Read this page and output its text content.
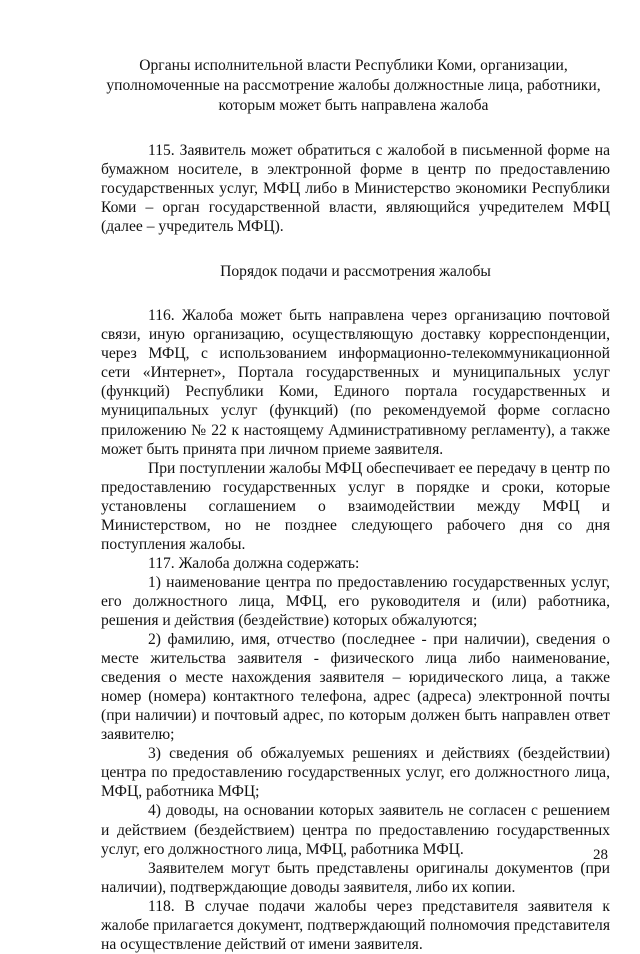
Органы исполнительной власти Республики Коми, организации,

уполномоченные на рассмотрение жалобы должностные лица, работники,

которым может быть направлена жалоба

115. Заявитель может обратиться с жалобой в письменной форме на бумажном носителе, в электронной форме в центр по предоставлению государственных услуг, МФЦ либо в Министерство экономики Республики Коми – орган государственной власти, являющийся учредителем МФЦ (далее – учредитель МФЦ).

Порядок подачи и рассмотрения жалобы

116. Жалоба может быть направлена через организацию почтовой связи, иную организацию, осуществляющую доставку корреспонденции, через МФЦ, с использованием информационно-телекоммуникационной сети «Интернет», Портала государственных и муниципальных услуг (функций) Республики Коми, Единого портала государственных и муниципальных услуг (функций) (по рекомендуемой форме согласно приложению № 22 к настоящему Административному регламенту), а также может быть принята при личном приеме заявителя.

При поступлении жалобы МФЦ обеспечивает ее передачу в центр по предоставлению государственных услуг в порядке и сроки, которые установлены соглашением о взаимодействии между МФЦ и Министерством, но не позднее следующего рабочего дня со дня поступления жалобы.

117. Жалоба должна содержать:

1) наименование центра по предоставлению государственных услуг, его должностного лица, МФЦ, его руководителя и (или) работника, решения и действия (бездействие) которых обжалуются;

2) фамилию, имя, отчество (последнее - при наличии), сведения о месте жительства заявителя - физического лица либо наименование, сведения о месте нахождения заявителя – юридического лица, а также номер (номера) контактного телефона, адрес (адреса) электронной почты (при наличии) и почтовый адрес, по которым должен быть направлен ответ заявителю;

3) сведения об обжалуемых решениях и действиях (бездействии) центра по предоставлению государственных услуг, его должностного лица, МФЦ, работника МФЦ;

4) доводы, на основании которых заявитель не согласен с решением и действием (бездействием) центра по предоставлению государственных услуг, его должностного лица, МФЦ, работника МФЦ.

Заявителем могут быть представлены оригиналы документов (при наличии), подтверждающие доводы заявителя, либо их копии.

118. В случае подачи жалобы через представителя заявителя к жалобе прилагается документ, подтверждающий полномочия представителя на осуществление действий от имени заявителя.

28
